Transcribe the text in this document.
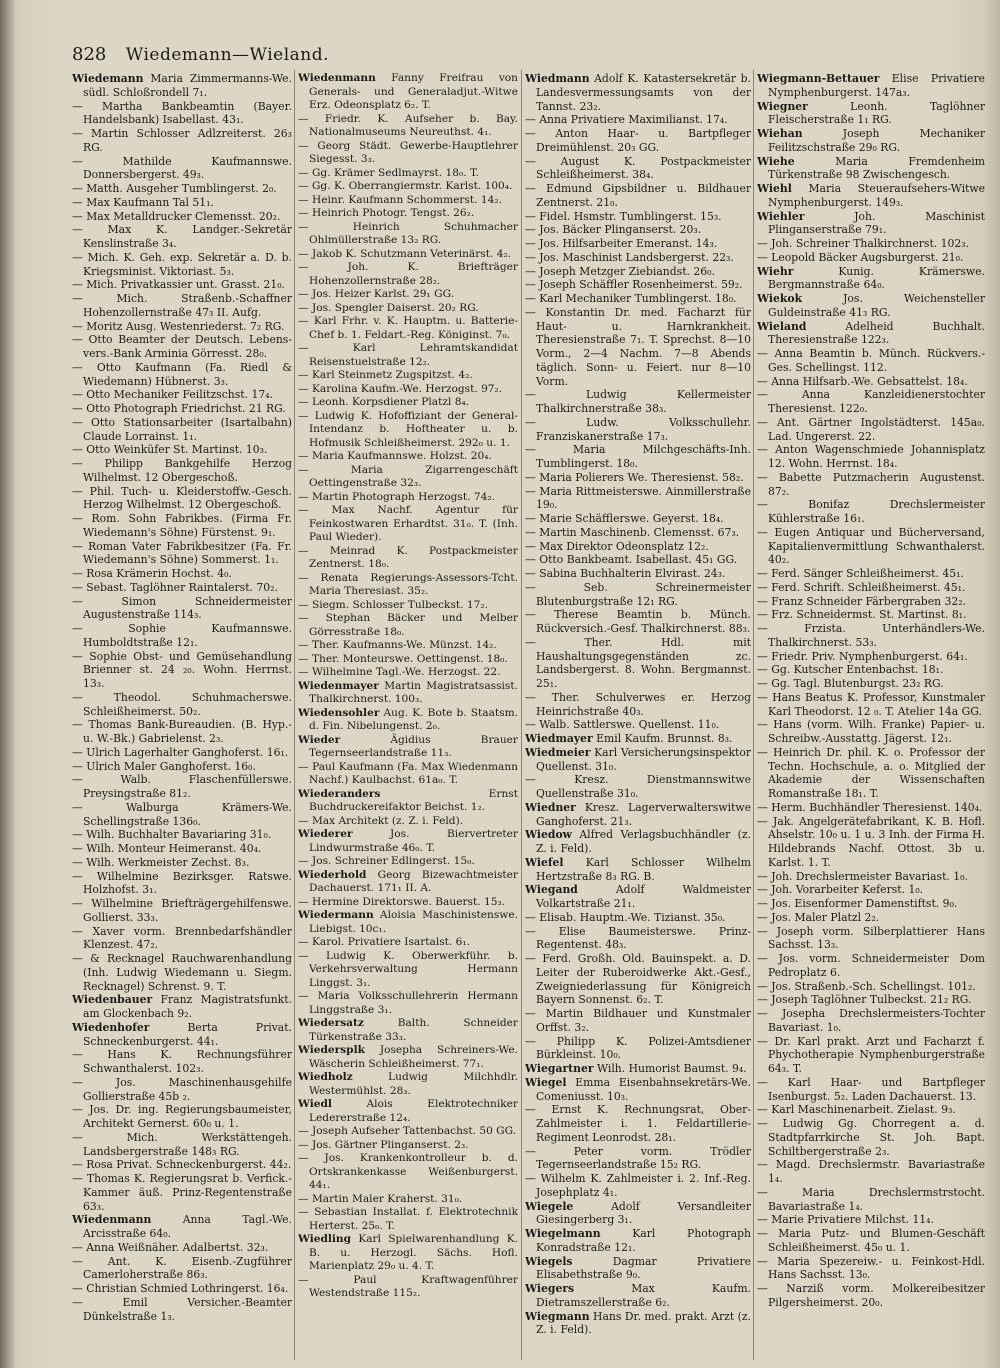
828 Wiedemann—Wieland.

Wiedemann Maria Zimmermanns-We. südl. Schloßrondell 7₁.

— Martha Bankbeamtin (Bayer. Handelsbank) Isabellast. 43₁.

— Martin Schlosser Adlzreiterst. 26₃ RG.

— Mathilde Kaufmannswe. Donnersbergerst. 49₃.

— Matth. Ausgeher Tumblingerst. 2₀.

— Max Kaufmann Tal 51₁.

— Max Metalldrucker Clemensst. 20₂.

— Max K. Landger.-Sekretär Kenslinstraße 3₄.

— Mich. K. Geh. exp. Sekretär a. D. b. Kriegsminist. Viktoriast. 5₃.

— Mich. Privatkassier unt. Grasst. 21₀.

— Mich. Straßenb.-Schaffner Hohenzollernstraße 47₃ II. Aufg.

— Moritz Ausg. Westenriederst. 7₂ RG.

— Otto Beamter der Deutsch. Lebens-vers.-Bank Arminia Görresst. 28₀.

— Otto Kaufmann (Fa. Riedl & Wiedemann) Hübnerst. 3₃.

— Otto Mechaniker Feilitzschst. 17₄.

— Otto Photograph Friedrichst. 21 RG.

— Otto Stationsarbeiter (Isartalbahn) Claude Lorrainst. 1₁.

— Otto Weinküfer St. Martinst. 10₃.

— Philipp Bankgehilfe Herzog Wilhelmst. 12 Obergeschoß.

— Phil. Tuch- u. Kleiderstoffw.-Gesch. Herzog Wilhelmst. 12 Obergeschoß.

— Rom. Sohn Fabrikbes. (Firma Fr. Wiedemann's Söhne) Fürstenst. 9₁.

— Roman Vater Fabrikbesitzer (Fa. Fr. Wiedemann's Söhne) Sommerst. 1₁.

— Rosa Krämerin Hochst. 4₀.

— Sebast. Taglöhner Raintalerst. 70₂.

— Simon Schneidermeister Augustenstraße 114₃.

— Sophie Kaufmannswe. Humboldtstraße 12₁.

— Sophie Obst- und Gemüsehandlung Brienner st. 24 ₂₀. Wohn. Herrnst. 13₃.

— Theodol. Schuhmacherswe. Schleißheimerst. 50₂.

— Thomas Bank-Bureaudien. (B. Hyp.- u. W.-Bk.) Gabrielenst. 2₃.

— Ulrich Lagerhalter Ganghoferst. 16₁.

— Ulrich Maler Ganghoferst. 16₀.

— Walb. Flaschenfüllerswe. Preysingstraße 81₂.

— Walburga Krämers-We. Schellingstraße 136₀.

— Wilh. Buchhalter Bavariaring 31₀.

— Wilh. Monteur Heimeranst. 40₄.

— Wilh. Werkmeister Zechst. 8₃.

— Wilhelmine Bezirksger. Ratswe. Holzhofst. 3₁.

— Wilhelmine Briefträgergehilfenswe. Gollierst. 33₃.

— Xaver vorm. Brennbedarfshändler Klenzest. 47₂.

— & Recknagel Rauchwarenhandlung (Inh. Ludwig Wiedemann u. Siegm. Recknagel) Schrenst. 9. T.

Wiedenbauer Franz Magistratsfunkt. am Glockenbach 9₂.

Wiedenhofer Berta Privat. Schneckenburgerst. 44₁.

— Hans K. Rechnungsführer Schwanthalerst. 102₃.

— Jos. Maschinenhausgehilfe Gollierstraße 45b ₂.

— Jos. Dr. ing. Regierungsbaumeister, Architekt Gernerst. 60₀ u. 1.

— Mich. Werkstättengeh. Landsbergerstraße 148₃ RG.

— Rosa Privat. Schneckenburgerst. 44₂.

— Thomas K. Regierungsrat b. Verfick.-Kammer äuß. Prinz-Regentenstraße 63₃.

Wiedenmann Anna Tagl.-We. Arcisstraße 64₀.

— Anna Weißnäher. Adalbertst. 32₃.

— Ant. K. Eisenb.-Zugführer Camerloherstraße 86₃.

— Christian Schmied Lothringerst. 16₄.

— Emil Versicher.-Beamter Dünkelstraße 1₃.

Wiedenmann Fanny Freifrau von Generals- und Generaladjut.-Witwe Erz. Odeonsplatz 6₂. T.

— Friedr. K. Aufseher b. Bay. Nationalmuseums Neureuthst. 4₁.

— Georg Städt. Gewerbe-Hauptlehrer Siegesst. 3₃.

— Gg. Krämer Sedlmayrst. 18₀. T.

— Gg. K. Oberrangiermstr. Karlst. 100₄.

— Heinr. Kaufmann Schommerst. 14₂.

— Heinrich Photogr. Tengst. 26₂.

— Heinrich Schuhmacher Ohlmüllerstraße 13₂ RG.

— Jakob K. Schutzmann Veterinärst. 4₂.

— Joh. K. Briefträger Hohenzollernstraße 28₂.

— Jos. Heizer Karlst. 29₁ GG.

— Jos. Spengler Daiserst. 20₂ RG.

— Karl Frhr. v. K. Hauptm. u. Batterie-Chef b. 1. Feldart.-Reg. Königinst. 7₀.

— Karl Lehramtskandidat Reisenstuelstraße 12₂.

— Karl Steinmetz Zugspitzst. 4₂.

— Karolina Kaufm.-We. Herzogst. 97₂.

— Leonh. Korpsdiener Platzl 8₄.

— Ludwig K. Hofoffiziant der General-Intendanz b. Hoftheater u. b. Hofmusik Schleißheimerst. 292₀ u. 1.

— Maria Kaufmannswe. Holzst. 20₄.

— Maria Zigarrengeschäft Oettingenstraße 32₃.

— Martin Photograph Herzogst. 74₂.

— Max Nachf. Agentur für Feinkostwaren Erhardtst. 31₀. T. (Inh. Paul Wieder).

— Meinrad K. Postpackmeister Zentnerst. 18₀.

— Renata Regierungs-Assessors-Tcht. Maria Theresiast. 35₂.

— Siegm. Schlosser Tulbeckst. 17₂.

— Stephan Bäcker und Melber Görresstraße 18₀.

— Ther. Kaufmanns-We. Münzst. 14₂.

— Ther. Monteurswe. Oettingenst. 18₀.

— Wilhelmine Tagl.-We. Herzogst. 22.

Wiedenmayer Martin Magistratsassist. Thalkirchnerst. 100₃.

Wiedensohler Aug. K. Bote b. Staatsm. d. Fin. Nibelungenst. 2₀.

Wieder Ägidius Brauer Tegernseerlandstraße 11₃.

— Paul Kaufmann (Fa. Max Wiedenmann Nachf.) Kaulbachst. 61a₀. T.

Wiederanders Ernst Buchdruckereifaktor Beichst. 1₂.

— Max Architekt (z. Z. i. Feld).

Wiederer Jos. Biervertreter Lindwurmstraße 46₀. T.

— Jos. Schreiner Edlingerst. 15₀.

Wiederhold Georg Bizewachtmeister Dachauerst. 171₁ II. A.

— Hermine Direktorswe. Bauerst. 15₃.

Wiedermann Aloisia Maschinistenswe. Liebigst. 10c₁.

— Karol. Privatiere Isartalst. 6₁.

— Ludwig K. Oberwerkführ. b. Verkehrsverwaltung Hermann Linggst. 3₁.

— Maria Volksschullehrerin Hermann Linggstraße 3₁.

Wiedersatz Balth. Schneider Türkenstraße 33₃.

Wiedersplk Josepha Schreiners-We. Wäscherin Schleißheimerst. 77₁.

Wiedholz Ludwig Milchhdlr. Westermühlst. 28₃.

Wiedl Alois Elektrotechniker Ledererstraße 12₄.

— Joseph Aufseher Tattenbachst. 50 GG.

— Jos. Gärtner Plinganserst. 2₃.

— Jos. Krankenkontrolleur b. d. Ortskrankenkasse Weißenburgerst. 44₁.

— Martin Maler Kraherst. 31₀.

— Sebastian Installat. f. Elektrotechnik Herterst. 25₀. T.

Wiedling Karl Spielwarenhandlung K. B. u. Herzogl. Sächs. Hofl. Marienplatz 29₀ u. 4. T.

— Paul Kraftwagenführer Westendstraße 115₂.

Wiedmann Adolf K. Katastersekretär b. Landesvermessungsamts von der Tannst. 23₂.

— Anna Privatiere Maximilianst. 17₄.

— Anton Haar- u. Bartpfleger Dreimühlenst. 20₃ GG.

— August K. Postpackmeister Schleißheimerst. 38₄.

— Edmund Gipsbildner u. Bildhauer Zentnerst. 21₀.

— Fidel. Hsmstr. Tumblingerst. 15₃.

— Jos. Bäcker Plinganserst. 20₃.

— Jos. Hilfsarbeiter Emeranst. 14₃.

— Jos. Maschinist Landsbergerst. 22₃.

— Joseph Metzger Ziebiandst. 26₀.

— Joseph Schäffler Rosenheimerst. 59₂.

— Karl Mechaniker Tumblingerst. 18₀.

— Konstantin Dr. med. Facharzt für Haut- u. Harnkrankheit. Theresienstraße 7₁. T. Sprechst. 8—10 Vorm., 2—4 Nachm. 7—8 Abends täglich. Sonn- u. Feiert. nur 8—10 Vorm.

— Ludwig Kellermeister Thalkirchnerstraße 38₃.

— Ludw. Volksschullehr. Franziskanerstraße 17₃.

— Maria Milchgeschäfts-Inh. Tumblingerst. 18₀.

— Maria Polierers We. Theresienst. 58₂.

— Maria Rittmeisterswe. Ainmillerstraße 19₀.

— Marie Schäfflerswe. Geyerst. 18₄.

— Martin Maschinenb. Clemensst. 67₃.

— Max Direktor Odeonsplatz 12₂.

— Otto Bankbeamt. Isabellast. 45₁ GG.

— Sabina Buchhalterin Elvirast. 24₃.

— Seb. Schreinermeister Blutenburgstraße 12₁ RG.

— Therese Beamtin b. Münch. Rückversich.-Gesf. Thalkirchnerst. 88₃.

— Ther. Hdl. mit Haushaltungsgegenständen zc. Landsbergerst. 8. Wohn. Bergmannst. 25₁.

— Ther. Schulverwes er. Herzog Heinrichstraße 40₃.

— Walb. Sattlerswe. Quellenst. 11₀.

Wiedmayer Emil Kaufm. Brunnst. 8₃.

Wiedmeier Karl Versicherungsinspektor Quellenst. 31₀.

— Kresz. Dienstmannswitwe Quellenstraße 31₀.

Wiedner Kresz. Lagerverwalterswitwe Ganghoferst. 21₃.

Wiedow Alfred Verlagsbuchhändler (z. Z. i. Feld).

Wiefel Karl Schlosser Wilhelm Hertzstraße 8₃ RG. B.

Wiegand Adolf Waldmeister Volkartstraße 21₁.

— Elisab. Hauptm.-We. Tizianst. 35₀.

— Elise Baumeisterswe. Prinz-Regentenst. 48₃.

— Ferd. Großh. Old. Bauinspekt. a. D. Leiter der Ruberoidwerke Akt.-Gesf., Zweigniederlassung für Königreich Bayern Sonnenst. 6₂. T.

— Martin Bildhauer und Kunstmaler Orffst. 3₂.

— Philipp K. Polizei-Amtsdiener Bürkleinst. 10₀.

Wiegartner Wilh. Humorist Baumst. 9₄.

Wiegel Emma Eisenbahnsekretärs-We. Comeniusst. 10₃.

— Ernst K. Rechnungsrat, Ober-Zahlmeister i. 1. Feldartillerie-Regiment Leonrodst. 28₁.

— Peter vorm. Trödler Tegernseerlandstraße 15₂ RG.

— Wilhelm K. Zahlmeister i. 2. Inf.-Reg. Josephplatz 4₁.

Wiegele Adolf Versandleiter Giesingerberg 3₁.

Wiegelmann Karl Photograph Konradstraße 12₁.

Wiegels Dagmar Privatiere Elisabethstraße 9₀.

Wiegers Max Kaufm. Dietramszellerstraße 6₂.

Wiegmann Hans Dr. med. prakt. Arzt (z. Z. i. Feld).

Wiegmann-Bettauer Elise Privatiere Nymphenburgerst. 147a₃.

Wiegner Leonh. Taglöhner Fleischerstraße 1₁ RG.

Wiehan Joseph Mechaniker Feilitzschstraße 29₀ RG.

Wiehe Maria Fremdenheim Türkenstraße 98 Zwischengesch.

Wiehl Maria Steueraufsehers-Witwe Nymphenburgerst. 149₃.

Wiehler Joh. Maschinist Plinganserstraße 79₁.

— Joh. Schreiner Thalkirchnerst. 102₃.

— Leopold Bäcker Augsburgerst. 21₀.

Wiehr Kunig. Krämerswe. Bergmannstraße 64₀.

Wiekok Jos. Weichensteller Guldeinstraße 41₃ RG.

Wieland Adelheid Buchhalt. Theresienstraße 122₃.

— Anna Beamtin b. Münch. Rückvers.-Ges. Schellingst. 112.

— Anna Hilfsarb.-We. Gebsattelst. 18₄.

— Anna Kanzleidienerstochter Theresienst. 122₀.

— Ant. Gärtner Ingolstädterst. 145a₀. Lad. Ungererst. 22.

— Anton Wagenschmiede Johannisplatz 12. Wohn. Herrnst. 18₄.

— Babette Putzmacherin Augustenst. 87₂.

— Bonifaz Drechslermeister Kühlerstraße 16₁.

— Eugen Antiquar und Bücherversand, Kapitalienvermittlung Schwanthalerst. 40₂.

— Ferd. Sänger Schleißheimerst. 45₁.

— Ferd. Schrift. Schleißheimerst. 45₁.

— Franz Schneider Färbergraben 32₂.

— Frz. Schneidermst. St. Martinst. 8₁.

— Frzista. Unterhändlers-We. Thalkirchnerst. 53₃.

— Friedr. Priv. Nymphenburgerst. 64₁.

— Gg. Kutscher Entenbachst. 18₁.

— Gg. Tagl. Blutenburgst. 23₂ RG.

— Hans Beatus K. Professor, Kunstmaler Karl Theodorst. 12 ₀. T. Atelier 14a GG.

— Hans (vorm. Wilh. Franke) Papier- u. Schreibw.-Ausstattg. Jägerst. 12₁.

— Heinrich Dr. phil. K. o. Professor der Techn. Hochschule, a. o. Mitglied der Akademie der Wissenschaften Romanstraße 18₁. T.

— Herm. Buchhändler Theresienst. 140₄.

— Jak. Angelgerätefabrikant, K. B. Hofl. Ahselstr. 10₀ u. 1 u. 3 Inh. der Firma H. Hildebrands Nachf. Ottost. 3b u. Karlst. 1. T.

— Joh. Drechslermeister Bavariast. 1₀.

— Joh. Vorarbeiter Keferst. 1₀.

— Jos. Eisenformer Damenstiftst. 9₀.

— Jos. Maler Platzl 2₂.

— Joseph vorm. Silberplattierer Hans Sachsst. 13₃.

— Jos. vorm. Schneidermeister Dom Pedroplatz 6.

— Jos. Straßenb.-Sch. Schellingst. 101₂.

— Joseph Taglöhner Tulbeckst. 21₂ RG.

— Josepha Drechslermeisters-Tochter Bavariast. 1₀.

— Dr. Karl prakt. Arzt und Facharzt f. Phychotherapie Nymphenburgerstraße 64₃. T.

— Karl Haar- und Bartpfleger Isenburgst. 5₂. Laden Dachauerst. 13.

— Karl Maschinenarbeit. Zielast. 9₃.

— Ludwig Gg. Chorregent a. d. Stadtpfarrkirche St. Joh. Bapt. Schiltbergerstraße 2₃.

— Magd. Drechslermstr. Bavariastraße 1₄.

— Maria Drechslermstrstocht. Bavariastraße 1₄.

— Marie Privatiere Milchst. 11₄.

— Maria Putz- und Blumen-Geschäft Schleißheimerst. 45₀ u. 1.

— Maria Spezereiw.- u. Feinkost-Hdl. Hans Sachsst. 13₀.

— Narziß vorm. Molkereibesitzer Pilgersheimerst. 20₀.
